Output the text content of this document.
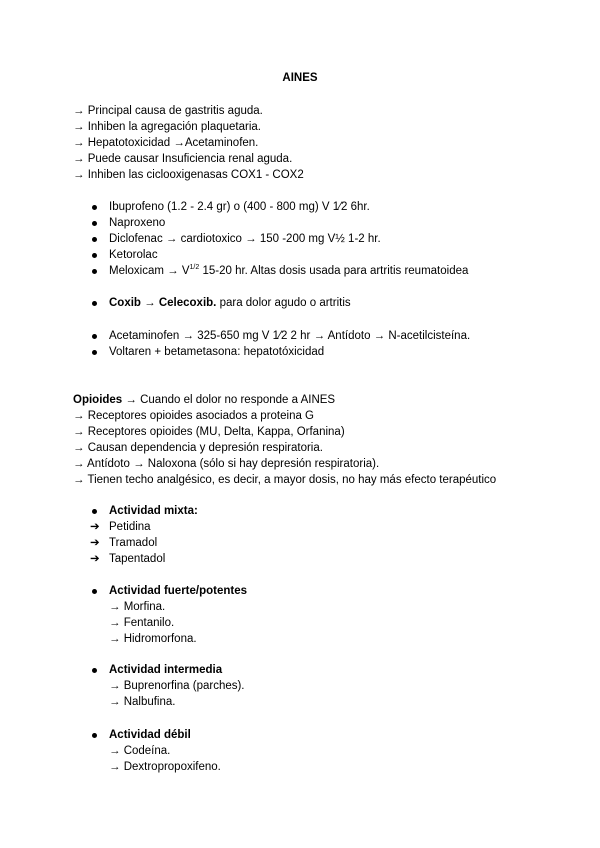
AINES
→ Principal causa de gastritis aguda.
→ Inhiben la agregación plaquetaria.
→ Hepatotoxicidad →Acetaminofen.
→ Puede causar Insuficiencia renal aguda.
→ Inhiben las ciclooxigenasas COX1 - COX2
Ibuprofeno (1.2 - 2.4 gr) o (400 - 800 mg) V 1⁄2 6hr.
Naproxeno
Diclofenac → cardiotoxico → 150 -200 mg V½ 1-2 hr.
Ketorolac
Meloxicam → $V^{1/2}$ 15-20 hr. Altas dosis usada para artritis reumatoidea
Coxib → Celecoxib. para dolor agudo o artritis
Acetaminofen → 325-650 mg V 1⁄2 2 hr → Antídoto → N-acetilcisteína.
Voltaren + betametasona: hepatotóxicidad
Opioides → Cuando el dolor no responde a AINES
→ Receptores opioides asociados a proteina G
→ Receptores opioides (MU, Delta, Kappa, Orfanina)
→ Causan dependencia y depresión respiratoria.
→ Antídoto → Naloxona (sólo si hay depresión respiratoria).
→ Tienen techo analgésico, es decir, a mayor dosis, no hay más efecto terapéutico
Actividad mixta:
➔ Petidina
➔ Tramadol
➔ Tapentadol
Actividad fuerte/potentes
→ Morfina.
→ Fentanilo.
→ Hidromorfona.
Actividad intermedia
→ Buprenorfina (parches).
→ Nalbufina.
Actividad débil
→ Codeína.
→ Dextropropoxifeno.
